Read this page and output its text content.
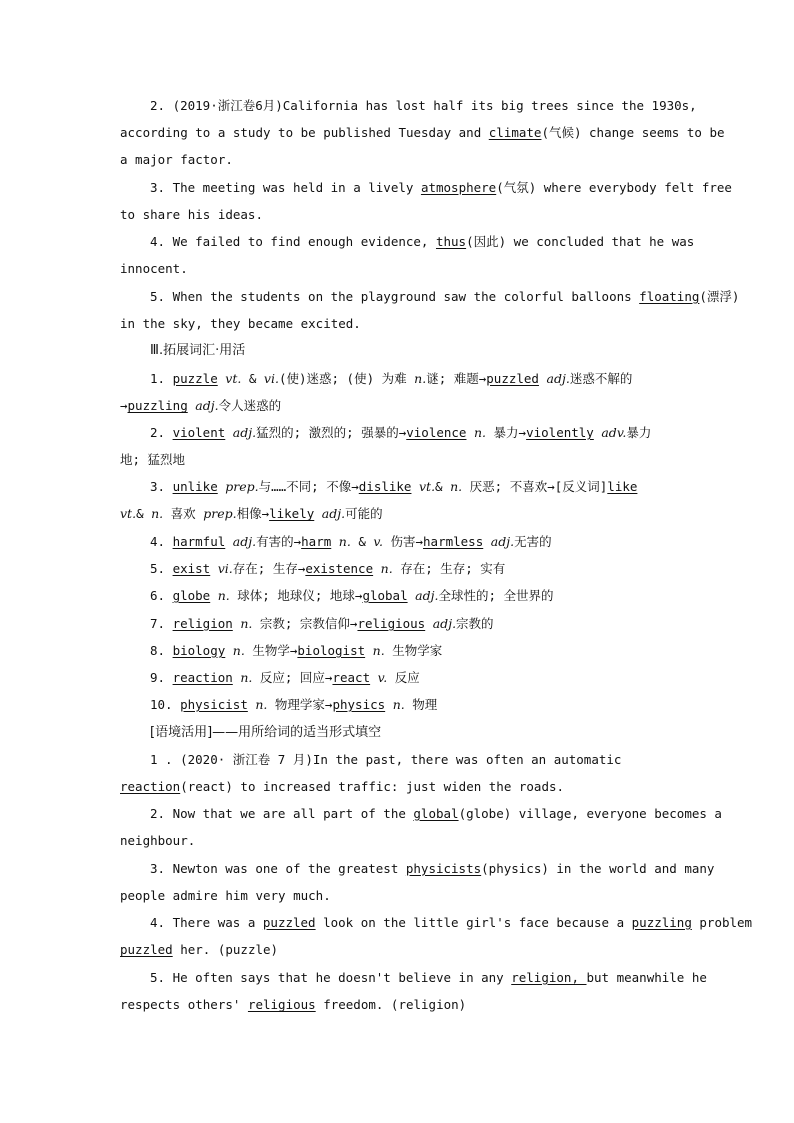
2. (2019·浙江卷6月)California has lost half its big trees since the 1930s,
according to a study to be published Tuesday and climate(气候) change seems to be
a major factor.
3. The meeting was held in a lively atmosphere(气氛) where everybody felt free
to share his ideas.
4. We failed to find enough evidence, thus(因此) we concluded that he was
innocent.
5. When the students on the playground saw the colorful balloons floating(漂浮)
in the sky, they became excited.
Ⅲ.拓展词汇·用活
1. puzzle vt. & vi.(使)迷惑; (使) 为难 n.谜; 难题→puzzled adj.迷惑不解的
→puzzling adj.令人迷惑的
2. violent adj.猛烈的; 激烈的; 强暴的→violence n. 暴力→violently adv.暴力
地; 猛烈地
3. unlike prep.与……不同; 不像→dislike vt.& n. 厌恶; 不喜欢→[反义词]like
vt.& n. 喜欢 prep.相像→likely adj.可能的
4. harmful adj.有害的→harm n. & v. 伤害→harmless adj.无害的
5. exist vi.存在; 生存→existence n. 存在; 生存; 实有
6. globe n. 球体; 地球仪; 地球→global adj.全球性的; 全世界的
7. religion n. 宗教; 宗教信仰→religious adj.宗教的
8. biology n. 生物学→biologist n. 生物学家
9. reaction n. 反应; 回应→react v. 反应
10. physicist n. 物理学家→physics n. 物理
[语境活用]——用所给词的适当形式填空
1 . (2020· 浙江卷 7 月)In the past, there was often an automatic
reaction(react) to increased traffic: just widen the roads.
2. Now that we are all part of the global(globe) village, everyone becomes a
neighbour.
3. Newton was one of the greatest physicists(physics) in the world and many
people admire him very much.
4. There was a puzzled look on the little girl's face because a puzzling problem
puzzled her. (puzzle)
5. He often says that he doesn't believe in any religion, but meanwhile he
respects others' religious freedom. (religion)
